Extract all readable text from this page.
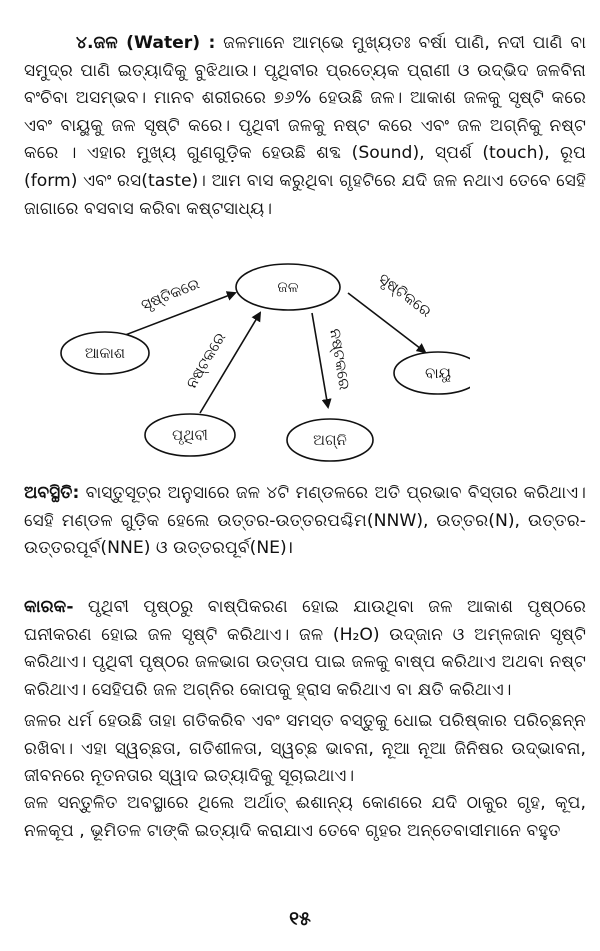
୪.ଜଳ (Water) : ଜଳମାନେ ଆମ୍ଭେ ମୁଖ୍ୟତଃ ବର୍ଷା ପାଣି, ନଦୀ ପାଣି ବା ସମୁଦ୍ର ପାଣି ଇତ୍ୟାଦିକୁ ବୁଝିଥାଉ। ପୃଥିବୀର ପ୍ରତ୍ୟେକ ପ୍ରାଣୀ ଓ ଉଦ୍ଭିଦ ଜଳବିନା ବଂଚିବା ଅସମ୍ଭବ। ମାନବ ଶରୀରରେ ୭୬% ହେଉଛି ଜଳ। ଆକାଶ ଜଳକୁ ସୃଷ୍ଟି କରେ ଏବଂ ବାୟୁକୁ ଜଳ ସୃଷ୍ଟି କରେ। ପୃଥିବୀ ଜଳକୁ ନଷ୍ଟ କରେ ଏବଂ ଜଳ ଅଗ୍ନିକୁ ନଷ୍ଟ କରେ । ଏହାର ମୁଖ୍ୟ ଗୁଣଗୁଡ଼ିକ ହେଉଛି ଶବ୍ଦ (Sound), ସ୍ପର୍ଶ (touch), ରୂପ (form) ଏବଂ ରସ(taste)। ଆମ ବାସ କରୁଥିବା ଗୃହଟିରେ ଯଦି ଜଳ ନଥାଏ ତେବେ ସେହି ଜାଗାରେ ବସବାସ କରିବା କଷ୍ଟସାଧ୍ୟ।

ଜଳ
ଆକାଶ
ପୃଥିବୀ	ଅଗ୍ନି
ବାୟୁ
ସୃଷ୍ଟିକରେ	ସୃଷ୍ଟିକରେ
ନଷ୍ଟକରେ	ନଷ୍ଟକରେ

ଅବସ୍ଥିତି: ବାସ୍ତୁସୂତ୍ର ଅନୁସାରେ ଜଳ ୪ଟି ମଣ୍ଡଳରେ ଅତି ପ୍ରଭାବ ବିସ୍ତାର କରିଥାଏ। ସେହି ମଣ୍ଡଳ ଗୁଡ଼ିକ ହେଲେ ଉତ୍ତର-ଉତ୍ତରପଶ୍ଚିମ(NNW), ଉତ୍ତର(N), ଉତ୍ତର-ଉତ୍ତରପୂର୍ବ(NNE) ଓ ଉତ୍ତରପୂର୍ବ(NE)।

କାରକ- ପୃଥିବୀ ପୃଷ୍ଠରୁ ବାଷ୍ପିକରଣ ହୋଇ ଯାଉଥିବା ଜଳ ଆକାଶ ପୃଷ୍ଠରେ ଘନୀକରଣ ହୋଇ ଜଳ ସୃଷ୍ଟି କରିଥାଏ। ଜଳ (H₂O) ଉଦ୍‌ଜାନ ଓ ଅମ୍ଳଜାନ ସୃଷ୍ଟି କରିଥାଏ। ପୃଥିବୀ ପୃଷ୍ଠର ଜଳଭାଗ ଉତ୍ତାପ ପାଇ ଜଳକୁ ବାଷ୍ପ କରିଥାଏ ଅଥବା ନଷ୍ଟ କରିଥାଏ। ସେହିପରି ଜଳ ଅଗ୍ନିର କୋପକୁ ହ୍ରାସ କରିଥାଏ ବା କ୍ଷତି କରିଥାଏ।

ଜଳର ଧର୍ମ ହେଉଛି ତାହା ଗତିକରିବ ଏବଂ ସମସ୍ତ ବସ୍ତୁକୁ ଧୋଇ ପରିଷ୍କାର ପରିଚ୍ଛନ୍ନ ରଖିବା। ଏହା ସ୍ୱଚ୍ଛତା, ଗତିଶୀଳତା, ସ୍ୱଚ୍ଛ ଭାବନା, ନୂଆ ନୂଆ ଜିନିଷର ଉଦ୍ଭାବନା, ଜୀବନରେ ନୂତନତାର ସ୍ୱାଦ ଇତ୍ୟାଦିକୁ ସୂଚାଇଥାଏ।

ଜଳ ସନ୍ତୁଳିତ ଅବସ୍ଥାରେ ଥିଲେ ଅର୍ଥାତ୍ ଈଶାନ୍ୟ କୋଣରେ ଯଦି ଠାକୁର ଗୃହ, କୂପ, ନଳକୂପ , ଭୂମିତଳ ଟାଙ୍କି ଇତ୍ୟାଦି କରାଯାଏ ତେବେ ଗୃହର ଅନ୍ତେବାସୀମାନେ ବହୁତ

୧୫
